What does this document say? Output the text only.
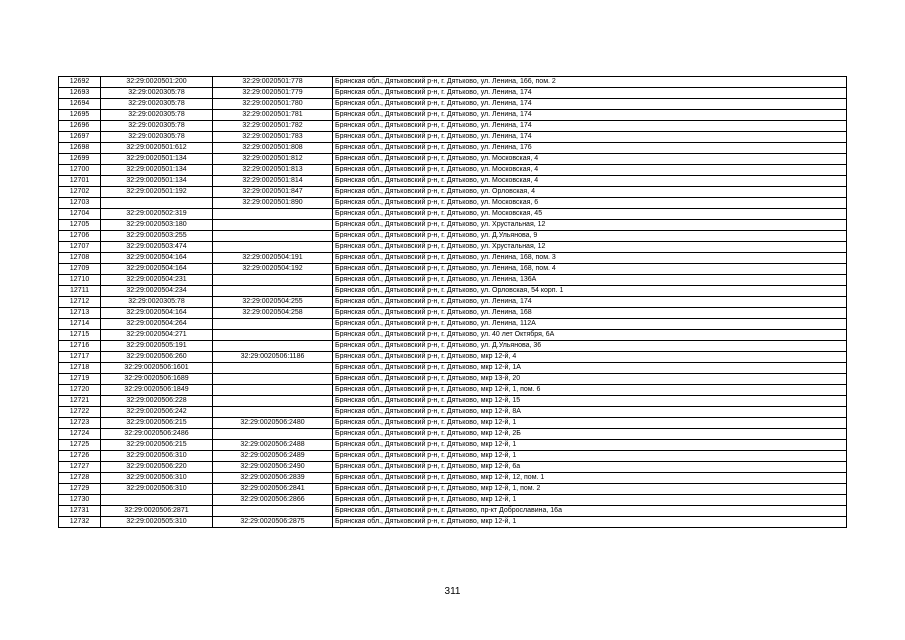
12692	32:29:0020501:200	32:29:0020501:778	Брянская обл., Дятьковский р-н, г. Дятьково, ул. Ленина, 166, пом. 2
12693	32:29:0020305:78	32:29:0020501:779	Брянская обл., Дятьковский р-н, г. Дятьково, ул. Ленина, 174
12694	32:29:0020305:78	32:29:0020501:780	Брянская обл., Дятьковский р-н, г. Дятьково, ул. Ленина, 174
12695	32:29:0020305:78	32:29:0020501:781	Брянская обл., Дятьковский р-н, г. Дятьково, ул. Ленина, 174
12696	32:29:0020305:78	32:29:0020501:782	Брянская обл., Дятьковский р-н, г. Дятьково, ул. Ленина, 174
12697	32:29:0020305:78	32:29:0020501:783	Брянская обл., Дятьковский р-н, г. Дятьково, ул. Ленина, 174
12698	32:29:0020501:612	32:29:0020501:808	Брянская обл., Дятьковский р-н, г. Дятьково, ул. Ленина, 176
12699	32:29:0020501:134	32:29:0020501:812	Брянская обл., Дятьковский р-н, г. Дятьково, ул. Московская, 4
12700	32:29:0020501:134	32:29:0020501:813	Брянская обл., Дятьковский р-н, г. Дятьково, ул. Московская, 4
12701	32:29:0020501:134	32:29:0020501:814	Брянская обл., Дятьковский р-н, г. Дятьково, ул. Московская, 4
12702	32:29:0020501:192	32:29:0020501:847	Брянская обл., Дятьковский р-н, г. Дятьково, ул. Орловская, 4
12703		32:29:0020501:890	Брянская обл., Дятьковский р-н, г. Дятьково, ул. Московская, 6
12704	32:29:0020502:319		Брянская обл., Дятьковский р-н, г. Дятьково, ул. Московская, 45
12705	32:29:0020503:180		Брянская обл., Дятьковский р-н, г. Дятьково, ул. Хрустальная, 12
12706	32:29:0020503:255		Брянская обл., Дятьковский р-н, г. Дятьково, ул. Д.Ульянова, 9
12707	32:29:0020503:474		Брянская обл., Дятьковский р-н, г. Дятьково, ул. Хрустальная, 12
12708	32:29:0020504:164	32:29:0020504:191	Брянская обл., Дятьковский р-н, г. Дятьково, ул. Ленина, 168, пом. 3
12709	32:29:0020504:164	32:29:0020504:192	Брянская обл., Дятьковский р-н, г. Дятьково, ул. Ленина, 168, пом. 4
12710	32:29:0020504:231		Брянская обл., Дятьковский р-н, г. Дятьково, ул. Ленина, 136А
12711	32:29:0020504:234		Брянская обл., Дятьковский р-н, г. Дятьково, ул. Орловская, 54 корп. 1
12712	32:29:0020305:78	32:29:0020504:255	Брянская обл., Дятьковский р-н, г. Дятьково, ул. Ленина, 174
12713	32:29:0020504:164	32:29:0020504:258	Брянская обл., Дятьковский р-н, г. Дятьково, ул. Ленина, 168
12714	32:29:0020504:264		Брянская обл., Дятьковский р-н, г. Дятьково, ул. Ленина, 112А
12715	32:29:0020504:271		Брянская обл., Дятьковский р-н, г. Дятьково, ул. 40 лет Октября, 6А
12716	32:29:0020505:191		Брянская обл., Дятьковский р-н, г. Дятьково, ул. Д.Ульянова, 36
12717	32:29:0020506:260	32:29:0020506:1186	Брянская обл., Дятьковский р-н, г. Дятьково, мкр 12-й, 4
12718	32:29:0020506:1601		Брянская обл., Дятьковский р-н, г. Дятьково, мкр 12-й, 1А
12719	32:29:0020506:1689		Брянская обл., Дятьковский р-н, г. Дятьково, мкр 13-й, 20
12720	32:29:0020506:1849		Брянская обл., Дятьковский р-н, г. Дятьково, мкр 12-й, 1, пом. 6
12721	32:29:0020506:228		Брянская обл., Дятьковский р-н, г. Дятьково, мкр 12-й, 15
12722	32:29:0020506:242		Брянская обл., Дятьковский р-н, г. Дятьково, мкр 12-й, 8А
12723	32:29:0020506:215	32:29:0020506:2480	Брянская обл., Дятьковский р-н, г. Дятьково, мкр 12-й, 1
12724	32:29:0020506:2486		Брянская обл., Дятьковский р-н, г. Дятьково, мкр 12-й, 2Б
12725	32:29:0020506:215	32:29:0020506:2488	Брянская обл., Дятьковский р-н, г. Дятьково, мкр 12-й, 1
12726	32:29:0020506:310	32:29:0020506:2489	Брянская обл., Дятьковский р-н, г. Дятьково, мкр 12-й, 1
12727	32:29:0020506:220	32:29:0020506:2490	Брянская обл., Дятьковский р-н, г. Дятьково, мкр 12-й, 6а
12728	32:29:0020506:310	32:29:0020506:2839	Брянская обл., Дятьковский р-н, г. Дятьково, мкр 12-й, 12, пом. 1
12729	32:29:0020506:310	32:29:0020506:2841	Брянская обл., Дятьковский р-н, г. Дятьково, мкр 12-й, 1, пом. 2
12730		32:29:0020506:2866	Брянская обл., Дятьковский р-н, г. Дятьково, мкр 12-й, 1
12731	32:29:0020506:2871		Брянская обл., Дятьковский р-н, г. Дятьково, пр-кт Доброславина, 16а
12732	32:29:0020505:310	32:29:0020506:2875	Брянская обл., Дятьковский р-н, г. Дятьково, мкр 12-й, 1
311
